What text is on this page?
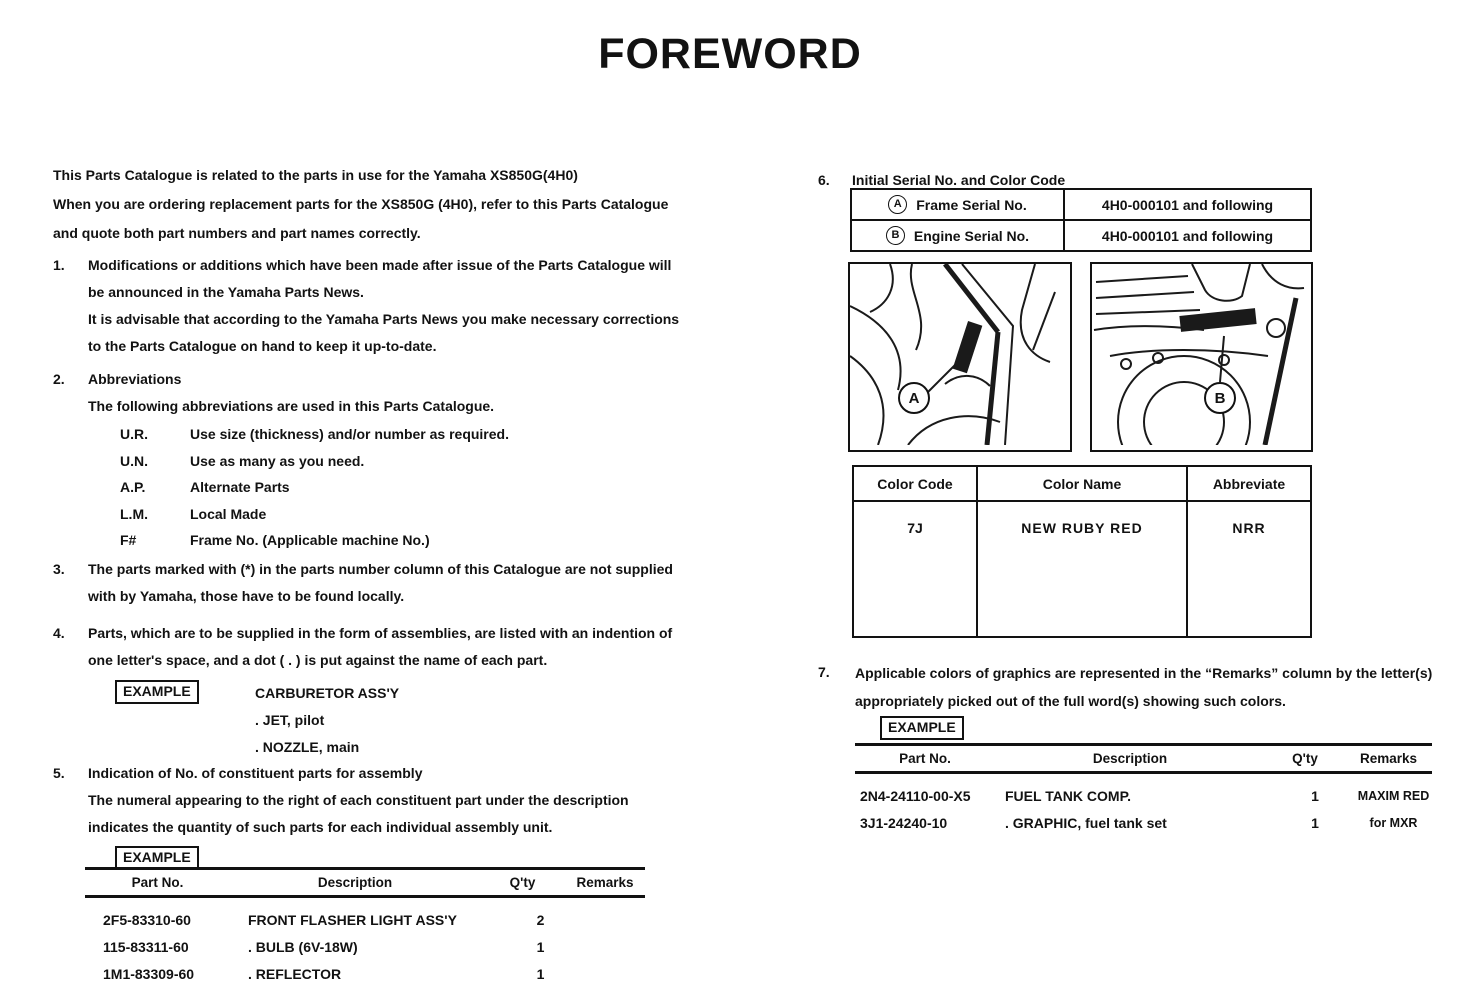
FOREWORD
This Parts Catalogue is related to the parts in use for the Yamaha XS850G(4H0)
When you are ordering replacement parts for the XS850G (4H0), refer to this Parts Catalogue
and quote both part numbers and part names correctly.
1.	Modifications or additions which have been made after issue of the Parts Catalogue will
be announced in the Yamaha Parts News.
It is advisable that according to the Yamaha Parts News you make necessary corrections
to the Parts Catalogue on hand to keep it up-to-date.
2.	Abbreviations
The following abbreviations are used in this Parts Catalogue.
U.R.	Use size (thickness) and/or number as required.
U.N.	Use as many as you need.
A.P.	Alternate Parts
L.M.	Local Made
F#	Frame No. (Applicable machine No.)
3.	The parts marked with (*) in the parts number column of this Catalogue are not supplied
with by Yamaha, those have to be found locally.
4.	Parts, which are to be supplied in the form of assemblies, are listed with an indention of
one letter's space, and a dot ( . ) is put against the name of each part.
EXAMPLE	CARBURETOR ASS'Y
. JET, pilot
. NOZZLE, main
5.	Indication of No. of constituent parts for assembly
The numeral appearing to the right of each constituent part under the description
indicates the quantity of such parts for each individual assembly unit.
EXAMPLE
Part No.	Description	Q'ty	Remarks
2F5-83310-60	FRONT FLASHER LIGHT ASS'Y	2
115-83311-60	. BULB (6V-18W)	1
1M1-83309-60	. REFLECTOR	1
6.	Initial Serial No. and Color Code
A	Frame Serial No.	4H0-000101 and following
B	Engine Serial No.	4H0-000101 and following
A	B
Color Code	Color Name	Abbreviate
7J	NEW RUBY RED	NRR
7.	Applicable colors of graphics are represented in the “Remarks” column by the letter(s)
appropriately picked out of the full word(s) showing such colors.
EXAMPLE
Part No.	Description	Q'ty	Remarks
2N4-24110-00-X5	FUEL TANK COMP.	1	MAXIM RED
3J1-24240-10	. GRAPHIC, fuel tank set	1	for MXR
